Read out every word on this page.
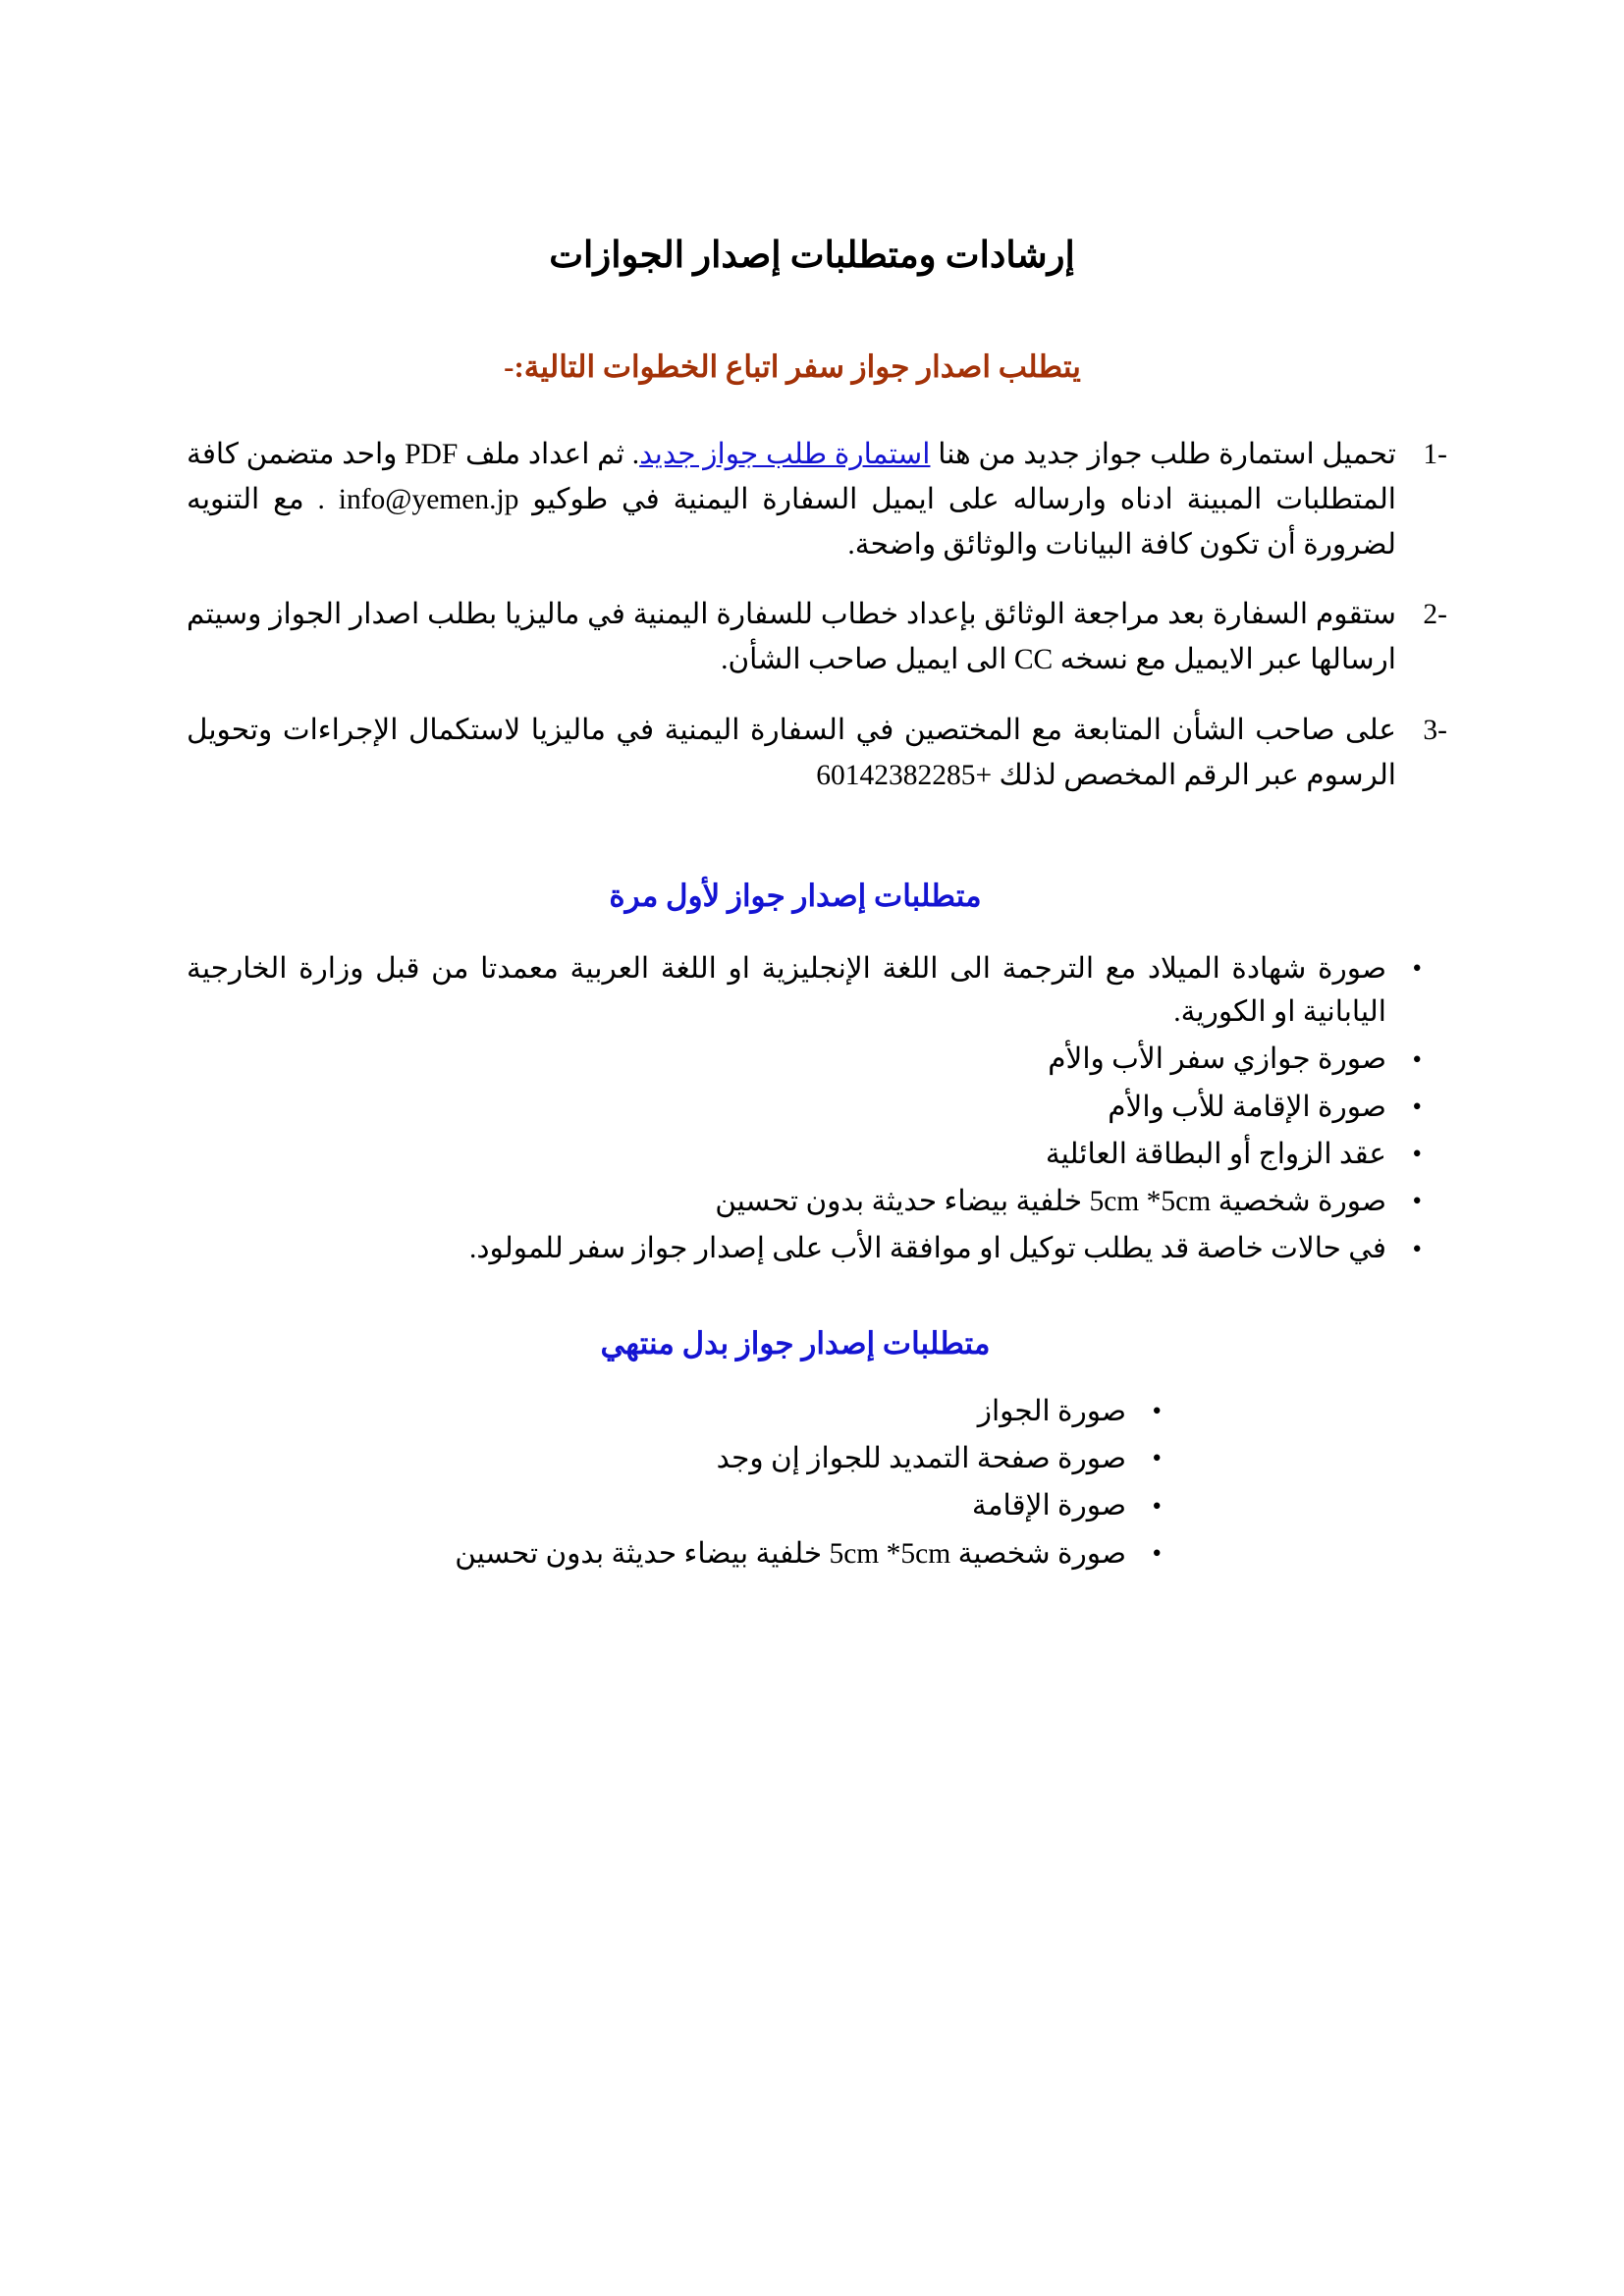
إرشادات ومتطلبات إصدار الجوازات

يتطلب اصدار جواز سفر اتباع الخطوات التالية:-

1-
تحميل استمارة طلب جواز جديد من هنا استمارة طلب جواز جديد. ثم اعداد ملف PDF واحد متضمن كافة المتطلبات المبينة ادناه وارساله على ايميل السفارة اليمنية في طوكيو info@yemen.jp . مع التنويه لضرورة أن تكون كافة البيانات والوثائق واضحة.
2-
ستقوم السفارة بعد مراجعة الوثائق بإعداد خطاب للسفارة اليمنية في ماليزيا بطلب اصدار الجواز وسيتم ارسالها عبر الايميل مع نسخه CC الى ايميل صاحب الشأن.
3-
على صاحب الشأن المتابعة مع المختصين في السفارة اليمنية في ماليزيا لاستكمال الإجراءات وتحويل الرسوم عبر الرقم المخصص لذلك +60142382285
متطلبات إصدار جواز لأول مرة
•
صورة شهادة الميلاد مع الترجمة الى اللغة الإنجليزية او اللغة العربية معمدتا من قبل وزارة الخارجية اليابانية او الكورية.
•
صورة جوازي سفر الأب والأم
•
صورة الإقامة للأب والأم
•
عقد الزواج أو البطاقة العائلية
•
صورة شخصية 5cm *5cm خلفية بيضاء حديثة بدون تحسين
•
في حالات خاصة قد يطلب توكيل او موافقة الأب على إصدار جواز سفر للمولود.
متطلبات إصدار جواز بدل منتهي
•
صورة الجواز
•
صورة صفحة التمديد للجواز إن وجد
•
صورة الإقامة
•
صورة شخصية 5cm *5cm خلفية بيضاء حديثة بدون تحسين
